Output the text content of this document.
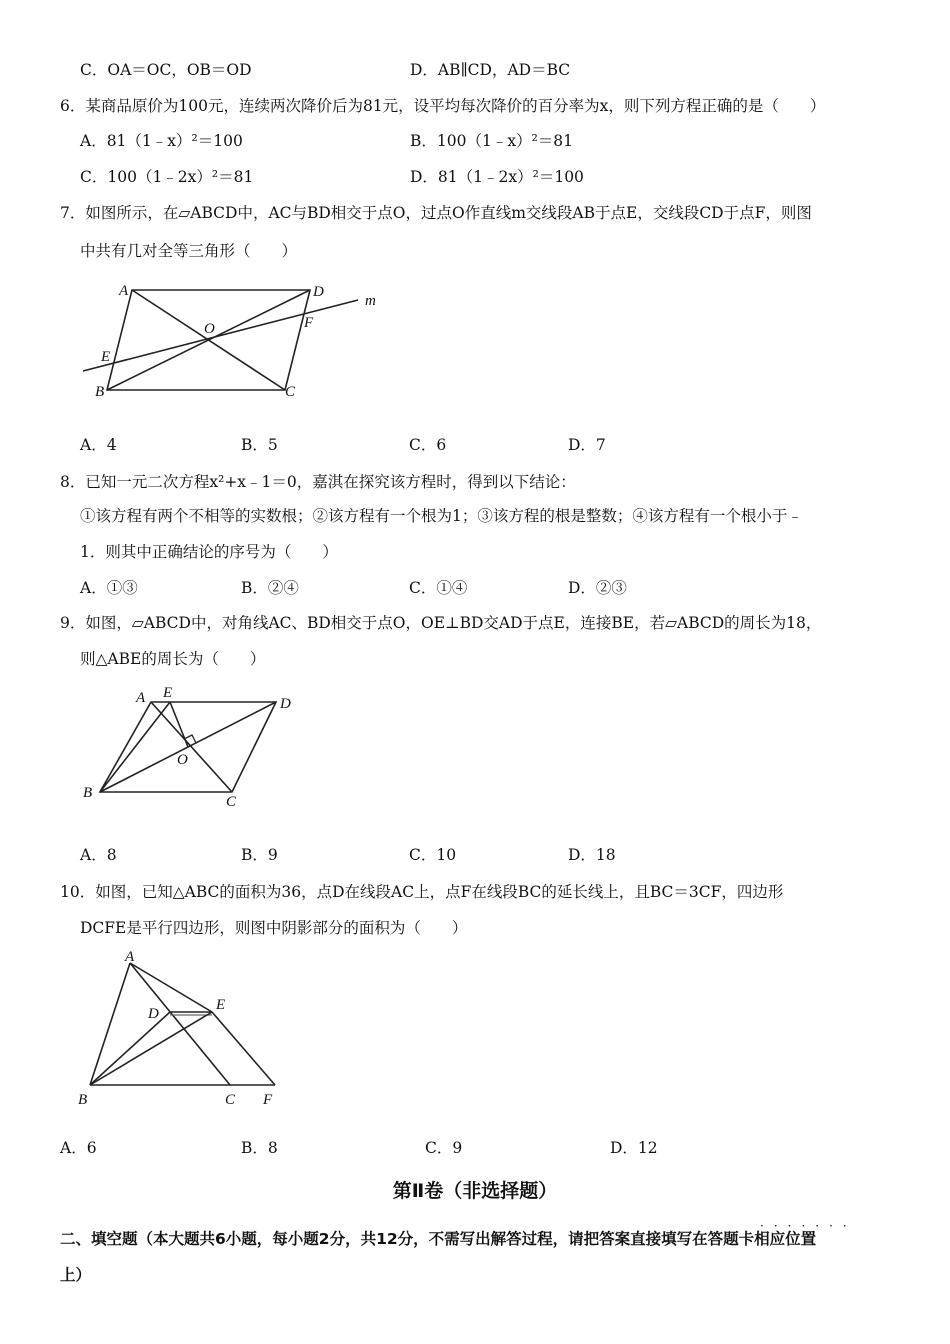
C．OA＝OC，OB＝OD	D．AB∥CD，AD＝BC
6．某商品原价为100元，连续两次降价后为81元，设平均每次降价的百分率为x，则下列方程正确的是（　　）
A．81（1﹣x）²＝100	B．100（1﹣x）²＝81
C．100（1﹣2x）²＝81	D．81（1﹣2x）²＝100
7．如图所示，在▱ABCD中，AC与BD相交于点O，过点O作直线m交线段AB于点E，交线段CD于点F，则图
中共有几对全等三角形（　　）
A	D
B	C
O
E
F
m
A．4	B．5	C．6	D．7
8．已知一元二次方程x²+x﹣1＝0，嘉淇在探究该方程时，得到以下结论：
①该方程有两个不相等的实数根；②该方程有一个根为1；③该方程的根是整数；④该方程有一个根小于﹣
1．则其中正确结论的序号为（　　）
A．①③	B．②④	C．①④	D．②③
9．如图，▱ABCD中，对角线AC、BD相交于点O，OE⊥BD交AD于点E，连接BE，若▱ABCD的周长为18，
则△ABE的周长为（　　）
A E
D
B
C
O
A．8	B．9	C．10	D．18
10．如图，已知△ABC的面积为36，点D在线段AC上，点F在线段BC的延长线上，且BC＝3CF，四边形
DCFE是平行四边形，则图中阴影部分的面积为（　　）
A
D
E
B	C F
A．6	B．8	C．9	D．12
第Ⅱ卷（非选择题）
·······
二、填空题（本大题共6小题，每小题2分，共12分，不需写出解答过程，请把答案直接填写在答题卡相应位置
上）
